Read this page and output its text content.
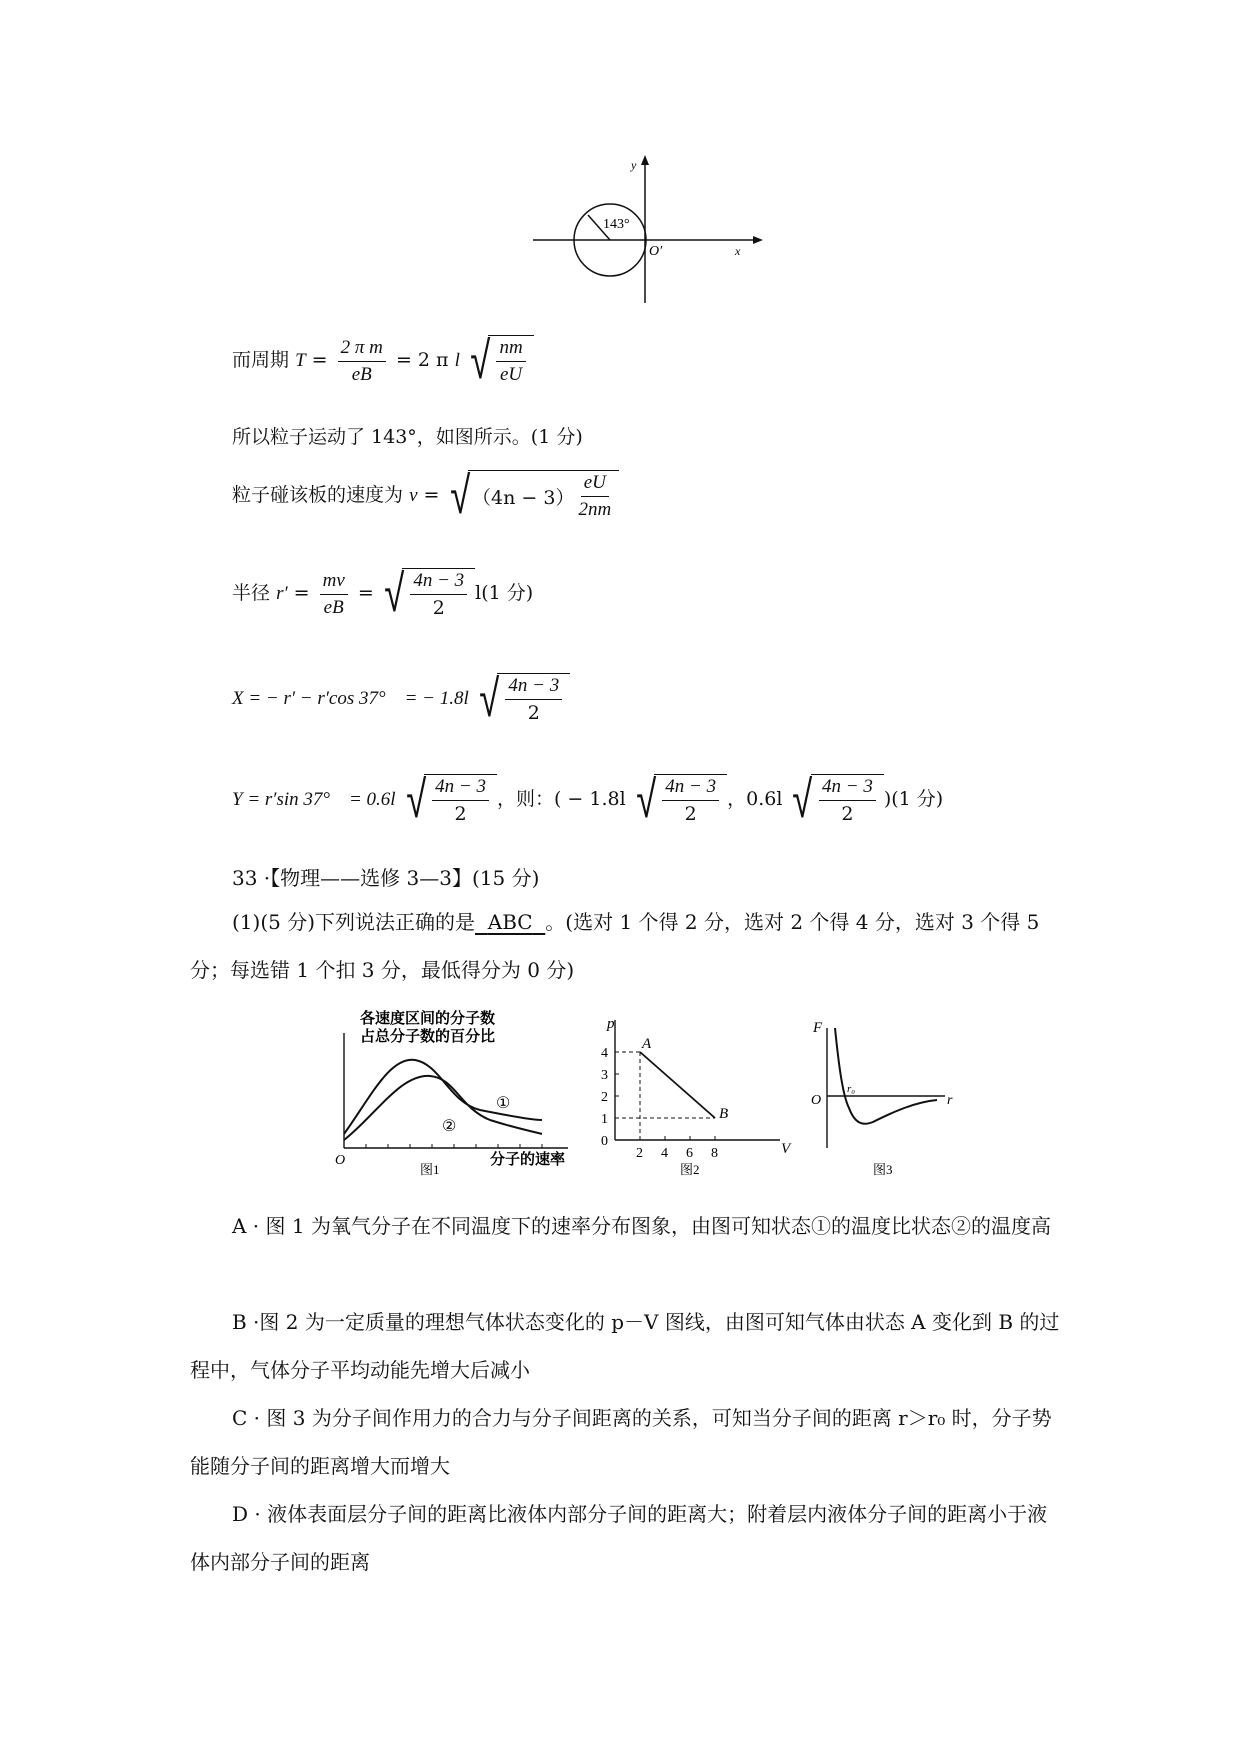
143°
y
x
O′
而周期 $T = \frac{\text{2 π m}}{eB} = 2$ π l √ $\frac{nm}{eU}$
所以粒子运动了 143°，如图所示。(1 分)
粒子碰该板的速度为 v = √ $(4n - 3) \frac{eU}{2nm}$
半径 $r' = \frac{mv}{eB}$ = √ $\frac{4n - 3}{2} l(1$ 分)
X = − r′ − r′cos 37°　= − 1.8l √ $\frac{4n - 3}{2}$
Y = r′sin 37°　= 0.6l √ $\frac{4n - 3}{2}$ ，则：( − 1.8l √ $\frac{4n - 3}{2}$ ，0.6l √ $\frac{4n - 3}{2} )(1$ 分)
33 ·【物理——选修 3—3】(15 分)
(1)(5 分)下列说法正确的是 ABC 。(选对 1 个得 2 分，选对 2 个得 4 分，选对 3 个得 5 分；每选错 1 个扣 3 分，最低得分为 0 分)
各速度区间的分子数
占总分子数的百分比
①
②
O	分子的速率
图1
0
1
2
3
4
2 4 6 8
A
B
p
V
图2
F
r
O
r₀
图3
A · 图 1 为氧气分子在不同温度下的速率分布图象，由图可知状态①的温度比状态②的温度高
B ·图 2 为一定质量的理想气体状态变化的 p－V 图线，由图可知气体由状态 A 变化到 B 的过程中，气体分子平均动能先增大后减小
C · 图 3 为分子间作用力的合力与分子间距离的关系，可知当分子间的距离 r＞r₀ 时，分子势能随分子间的距离增大而增大
D · 液体表面层分子间的距离比液体内部分子间的距离大；附着层内液体分子间的距离小于液体内部分子间的距离
